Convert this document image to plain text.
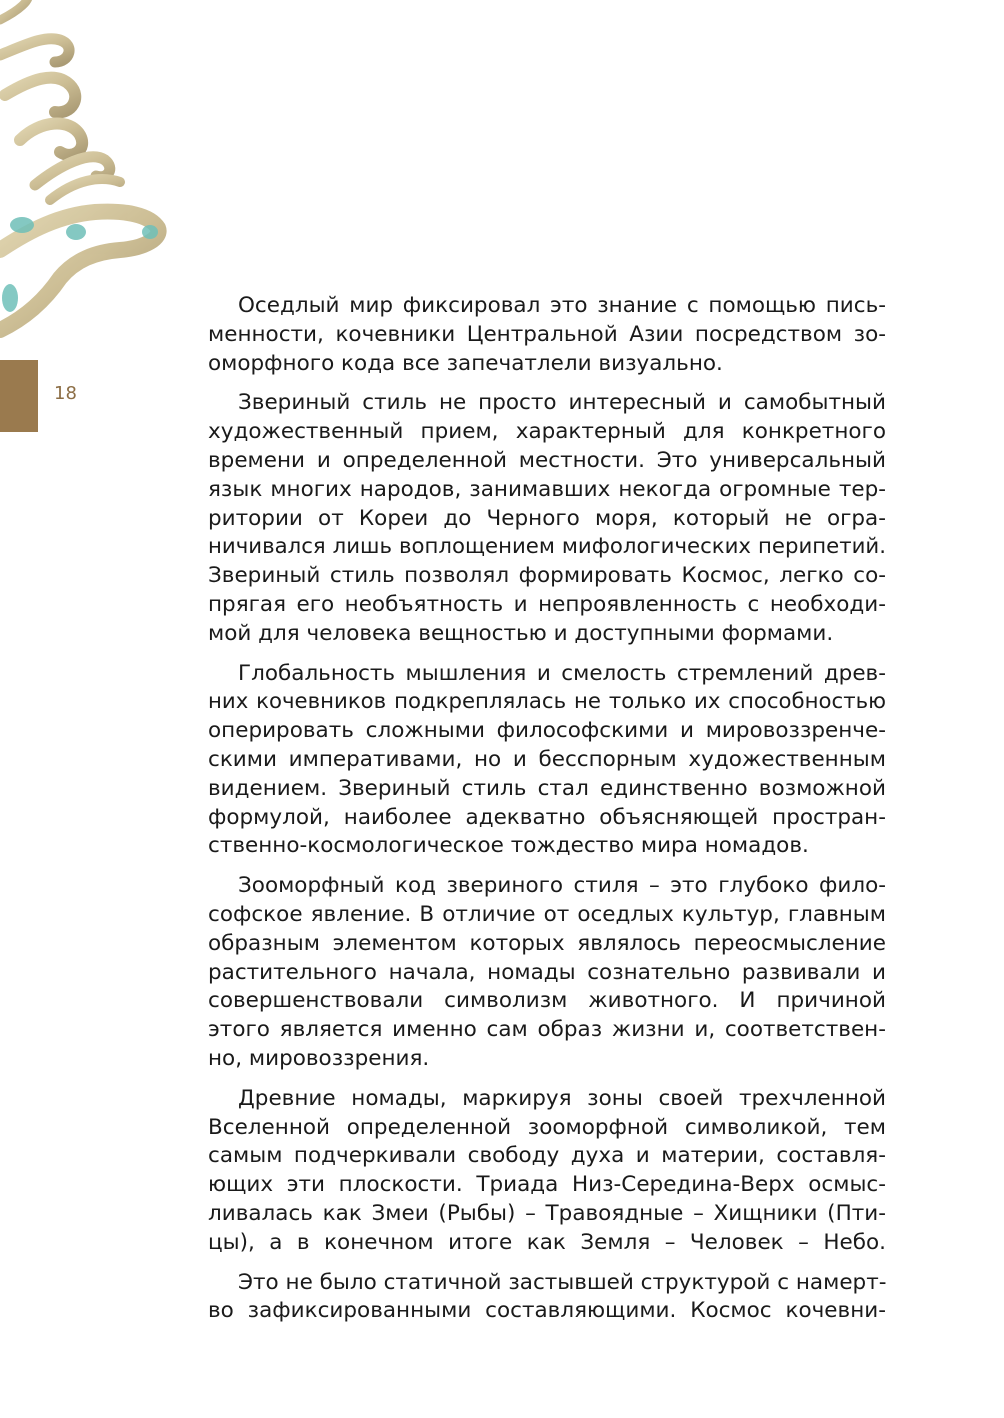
18
Оседлый мир фиксировал это знание с помощью пись-
менности, кочевники Центральной Азии посредством зо-
оморфного кода все запечатлели визуально.
Звериный стиль не просто интересный и самобытный
художественный прием, характерный для конкретного
времени и определенной местности. Это универсальный
язык многих народов, занимавших некогда огромные тер-
ритории от Кореи до Черного моря, который не огра-
ничивался лишь воплощением мифологических перипетий.
Звериный стиль позволял формировать Космос, легко со-
прягая его необъятность и непроявленность с необходи-
мой для человека вещностью и доступными формами.
Глобальность мышления и смелость стремлений древ-
них кочевников подкреплялась не только их способностью
оперировать сложными философскими и мировоззренче-
скими императивами, но и бесспорным художественным
видением. Звериный стиль стал единственно возможной
формулой, наиболее адекватно объясняющей простран-
ственно-космологическое тождество мира номадов.
Зооморфный код звериного стиля – это глубоко фило-
софское явление. В отличие от оседлых культур, главным
образным элементом которых являлось переосмысление
растительного начала, номады сознательно развивали и
совершенствовали символизм животного. И причиной
этого является именно сам образ жизни и, соответствен-
но, мировоззрения.
Древние номады, маркируя зоны своей трехчленной
Вселенной определенной зооморфной символикой, тем
самым подчеркивали свободу духа и материи, составля-
ющих эти плоскости. Триада Низ-Середина-Верх осмыс-
ливалась как Змеи (Рыбы) – Травоядные – Хищники (Пти-
цы), а в конечном итоге как Земля – Человек – Небо.
Это не было статичной застывшей структурой с намерт-
во зафиксированными составляющими. Космос кочевни-
